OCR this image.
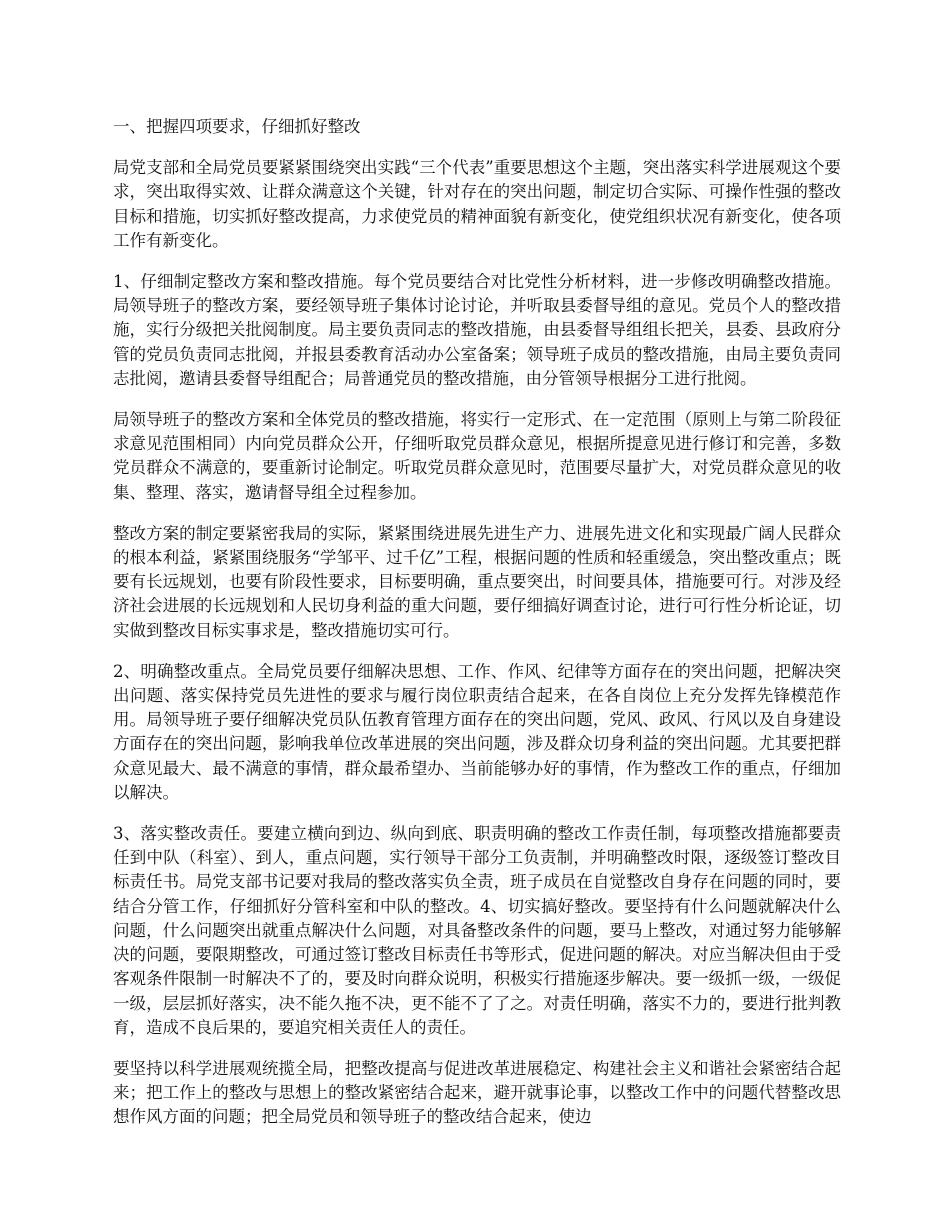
一、把握四项要求，仔细抓好整改

局党支部和全局党员要紧紧围绕突出实践“三个代表”重要思想这个主题，突出落实科学进展观这个要求，突出取得实效、让群众满意这个关键，针对存在的突出问题，制定切合实际、可操作性强的整改目标和措施，切实抓好整改提高，力求使党员的精神面貌有新变化，使党组织状况有新变化，使各项工作有新变化。

1、仔细制定整改方案和整改措施。每个党员要结合对比党性分析材料，进一步修改明确整改措施。局领导班子的整改方案，要经领导班子集体讨论讨论，并听取县委督导组的意见。党员个人的整改措施，实行分级把关批阅制度。局主要负责同志的整改措施，由县委督导组组长把关，县委、县政府分管的党员负责同志批阅，并报县委教育活动办公室备案；领导班子成员的整改措施，由局主要负责同志批阅，邀请县委督导组配合；局普通党员的整改措施，由分管领导根据分工进行批阅。

局领导班子的整改方案和全体党员的整改措施，将实行一定形式、在一定范围（原则上与第二阶段征求意见范围相同）内向党员群众公开，仔细听取党员群众意见，根据所提意见进行修订和完善，多数党员群众不满意的，要重新讨论制定。听取党员群众意见时，范围要尽量扩大，对党员群众意见的收集、整理、落实，邀请督导组全过程参加。

整改方案的制定要紧密我局的实际，紧紧围绕进展先进生产力、进展先进文化和实现最广阔人民群众的根本利益，紧紧围绕服务“学邹平、过千亿”工程，根据问题的性质和轻重缓急，突出整改重点；既要有长远规划，也要有阶段性要求，目标要明确，重点要突出，时间要具体，措施要可行。对涉及经济社会进展的长远规划和人民切身利益的重大问题，要仔细搞好调查讨论，进行可行性分析论证，切实做到整改目标实事求是，整改措施切实可行。

2、明确整改重点。全局党员要仔细解决思想、工作、作风、纪律等方面存在的突出问题，把解决突出问题、落实保持党员先进性的要求与履行岗位职责结合起来，在各自岗位上充分发挥先锋模范作用。局领导班子要仔细解决党员队伍教育管理方面存在的突出问题，党风、政风、行风以及自身建设方面存在的突出问题，影响我单位改革进展的突出问题，涉及群众切身利益的突出问题。尤其要把群众意见最大、最不满意的事情，群众最希望办、当前能够办好的事情，作为整改工作的重点，仔细加以解决。

3、落实整改责任。要建立横向到边、纵向到底、职责明确的整改工作责任制，每项整改措施都要责任到中队（科室）、到人，重点问题，实行领导干部分工负责制，并明确整改时限，逐级签订整改目标责任书。局党支部书记要对我局的整改落实负全责，班子成员在自觉整改自身存在问题的同时，要结合分管工作，仔细抓好分管科室和中队的整改。4、切实搞好整改。要坚持有什么问题就解决什么问题，什么问题突出就重点解决什么问题，对具备整改条件的问题，要马上整改，对通过努力能够解决的问题，要限期整改，可通过签订整改目标责任书等形式，促进问题的解决。对应当解决但由于受客观条件限制一时解决不了的，要及时向群众说明，积极实行措施逐步解决。要一级抓一级，一级促一级，层层抓好落实，决不能久拖不决，更不能不了了之。对责任明确，落实不力的，要进行批判教育，造成不良后果的，要追究相关责任人的责任。

要坚持以科学进展观统揽全局，把整改提高与促进改革进展稳定、构建社会主义和谐社会紧密结合起来；把工作上的整改与思想上的整改紧密结合起来，避开就事论事，以整改工作中的问题代替整改思想作风方面的问题；把全局党员和领导班子的整改结合起来，使边
